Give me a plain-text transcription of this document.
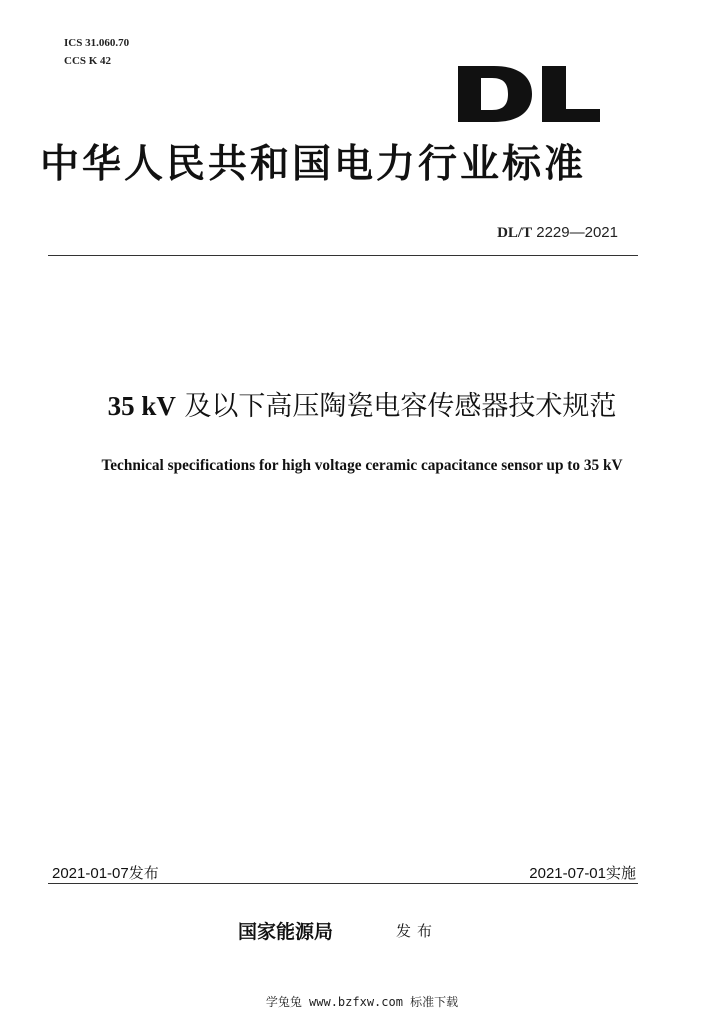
ICS 31.060.70
CCS K 42
中华人民共和国电力行业标准
DL/T 2229—2021
35 kV 及以下高压陶瓷电容传感器技术规范
Technical specifications for high voltage ceramic capacitance sensor up to 35 kV
2021-01-07发布	2021-07-01实施
国家能源局	发布
学兔兔 www.bzfxw.com 标准下载
